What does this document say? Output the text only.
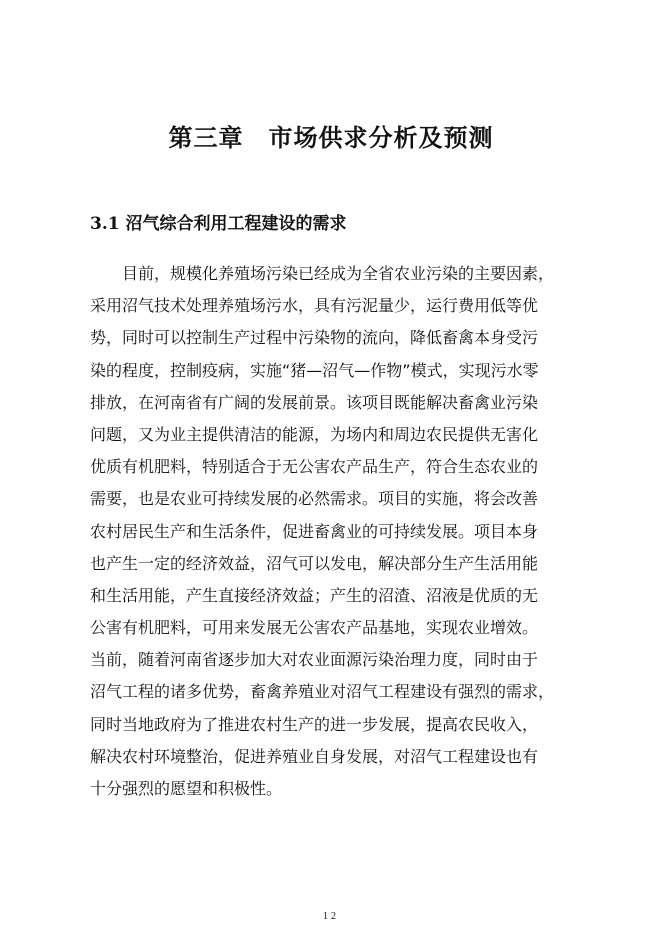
第三章　市场供求分析及预测
3.1 沼气综合利用工程建设的需求
目前，规模化养殖场污染已经成为全省农业污染的主要因素，
采用沼气技术处理养殖场污水，具有污泥量少，运行费用低等优
势，同时可以控制生产过程中污染物的流向，降低畜禽本身受污
染的程度，控制疫病，实施“猪—沼气—作物”模式，实现污水零
排放，在河南省有广阔的发展前景。该项目既能解决畜禽业污染
问题，又为业主提供清洁的能源，为场内和周边农民提供无害化
优质有机肥料，特别适合于无公害农产品生产，符合生态农业的
需要，也是农业可持续发展的必然需求。项目的实施，将会改善
农村居民生产和生活条件，促进畜禽业的可持续发展。项目本身
也产生一定的经济效益，沼气可以发电，解决部分生产生活用能
和生活用能，产生直接经济效益；产生的沼渣、沼液是优质的无
公害有机肥料，可用来发展无公害农产品基地，实现农业增效。
当前，随着河南省逐步加大对农业面源污染治理力度，同时由于
沼气工程的诸多优势，畜禽养殖业对沼气工程建设有强烈的需求，
同时当地政府为了推进农村生产的进一步发展，提高农民收入，
解决农村环境整治，促进养殖业自身发展，对沼气工程建设也有
十分强烈的愿望和积极性。
12
